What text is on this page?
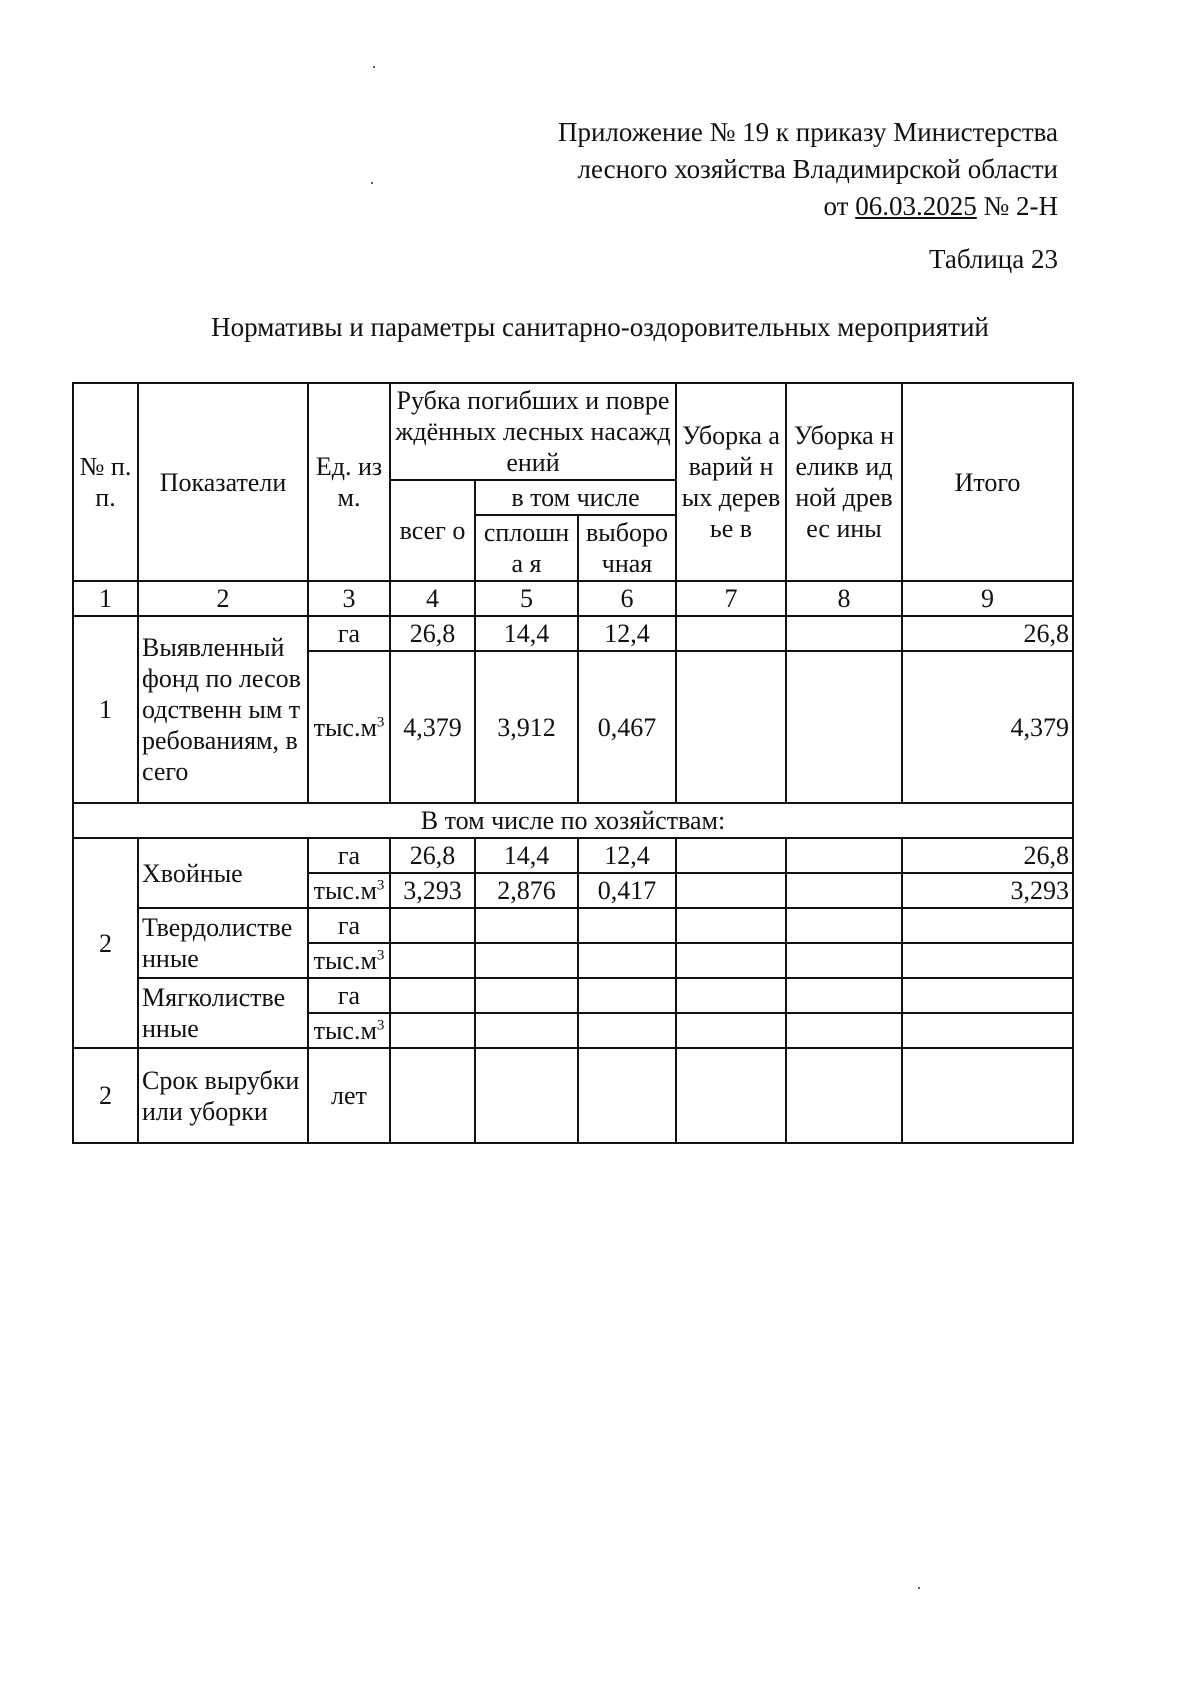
Приложение № 19 к приказу Министерства
лесного хозяйства Владимирской области
от 06.03.2025 № 2-Н
Таблица 23
Нормативы и параметры санитарно-оздоровительных мероприятий
№ п.п.	Показатели	Ед. изм.	Рубка погибших и повреждённых лесных насаждений			Уборка аварий ных деревье в	Уборка неликв идной древес ины	Итого
			всег о	в том числе				
				сплошна я	выборо чная			
1	2	3	4	5	6	7	8	9
1	Выявленный фонд по лесоводственн ым требованиям, всего	га	26,8	14,4	12,4			26,8
		$тыс.м^3$	4,379	3,912	0,467			4,379
В том числе по хозяйствам:								
2	Хвойные	га	26,8	14,4	12,4			26,8
		$тыс.м^3$	3,293	2,876	0,417			3,293
	Твердолистве нные	га						
		$тыс.м^3$						
	Мягколистве нные	га						
		$тыс.м^3$						
2	Срок вырубки или уборки	лет						
